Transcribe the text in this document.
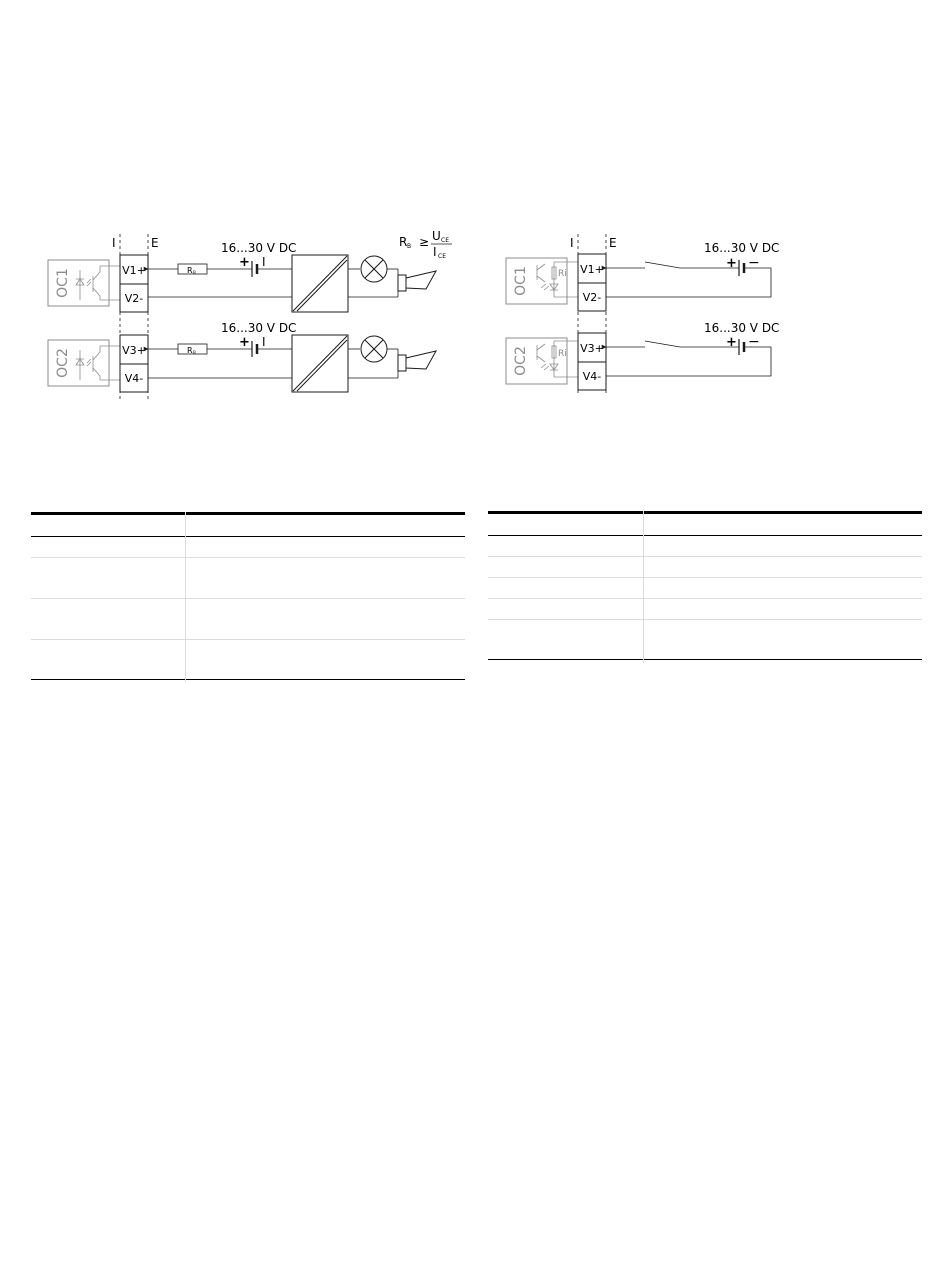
I	E	R B ≥ U CE
I CE
OC1	V1+
V2-
16...30 V DC
R B
+ I
OC2	V3+
V4-
16...30 V DC
R B
+ I
I	E
OC1	Ri V1+
V2-
16...30 V DC
+ −
OC2	Ri V3+
V4-
16...30 V DC
+ −
